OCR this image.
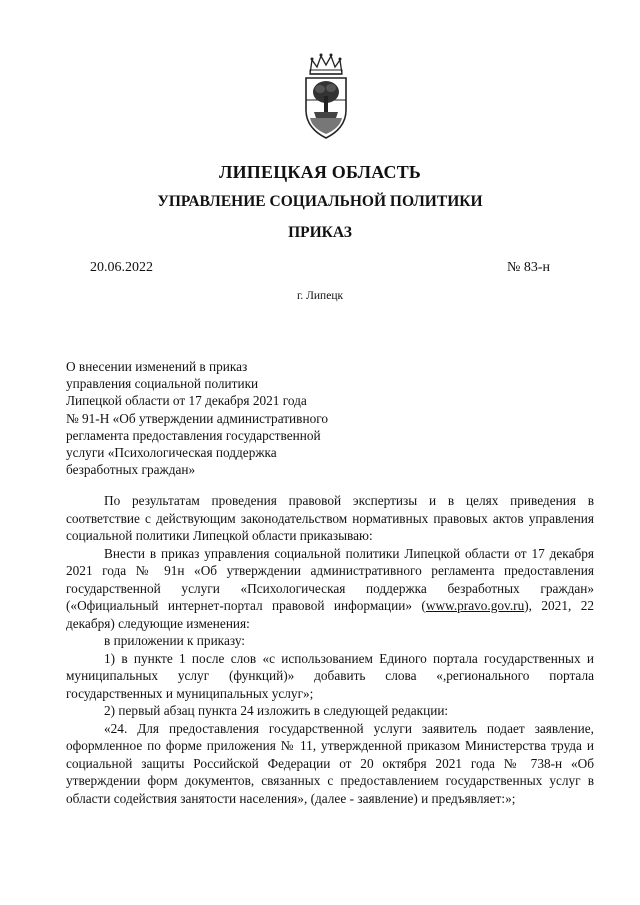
ЛИПЕЦКАЯ ОБЛАСТЬ
УПРАВЛЕНИЕ СОЦИАЛЬНОЙ ПОЛИТИКИ
ПРИКАЗ
20.06.2022	№ 83-н
г. Липецк
О внесении изменений в приказ
управления социальной политики
Липецкой области от 17 декабря 2021 года
№ 91-Н «Об утверждении административного
регламента предоставления государственной
услуги «Психологическая поддержка
безработных граждан»

По результатам проведения правовой экспертизы и в целях приведения в соответствие с действующим законодательством нормативных правовых актов управления социальной политики Липецкой области приказываю:

Внести в приказ управления социальной политики Липецкой области от 17 декабря 2021 года № 91н «Об утверждении административного регламента предоставления государственной услуги «Психологическая поддержка безработных граждан» («Официальный интернет-портал правовой информации» (www.pravo.gov.ru), 2021, 22 декабря) следующие изменения:

в приложении к приказу:

1) в пункте 1 после слов «с использованием Единого портала государственных и муниципальных услуг (функций)» добавить слова «,регионального портала государственных и муниципальных услуг»;

2) первый абзац пункта 24 изложить в следующей редакции:

«24. Для предоставления государственной услуги заявитель подает заявление, оформленное по форме приложения № 11, утвержденной приказом Министерства труда и социальной защиты Российской Федерации от 20 октября 2021 года № 738-н «Об утверждении форм документов, связанных с предоставлением государственных услуг в области содействия занятости населения», (далее - заявление) и предъявляет:»;
